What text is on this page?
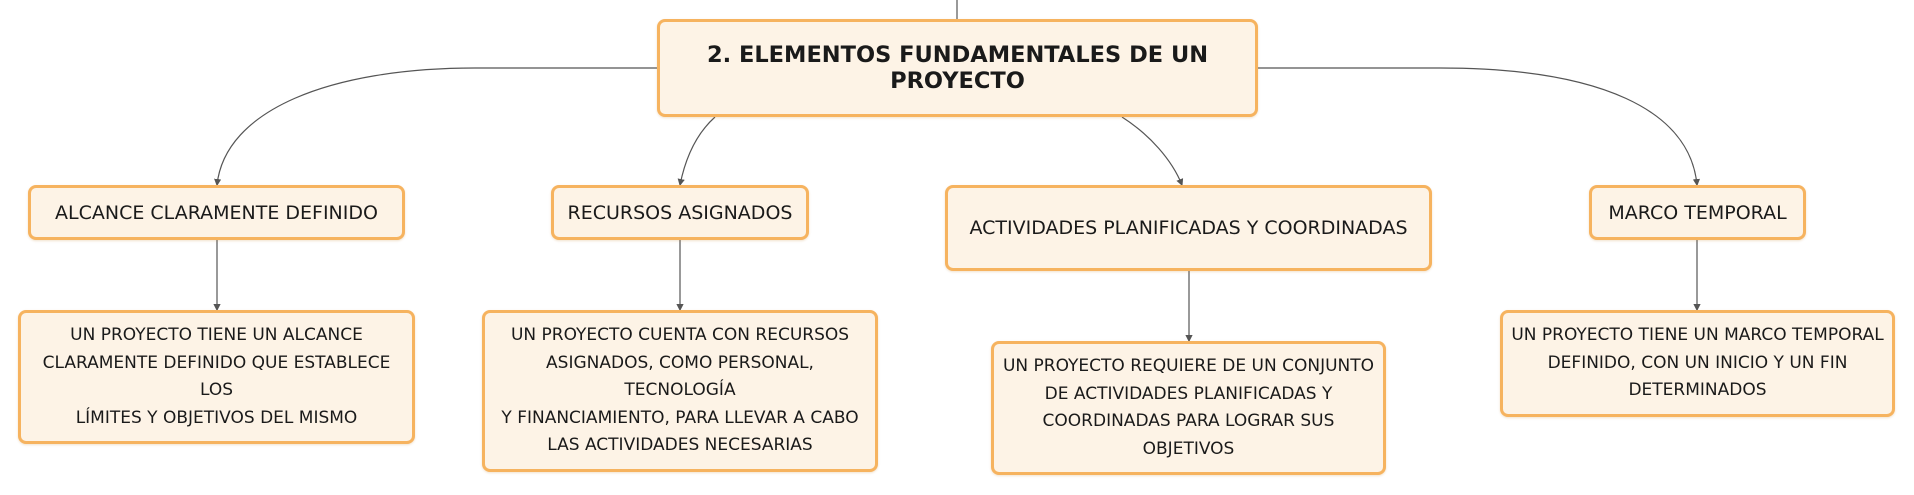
2. ELEMENTOS FUNDAMENTALES DE UN PROYECTO
ALCANCE CLARAMENTE DEFINIDO	RECURSOS ASIGNADOS
ACTIVIDADES PLANIFICADAS Y COORDINADAS
MARCO TEMPORAL
UN PROYECTO TIENE UN ALCANCE
CLARAMENTE DEFINIDO QUE ESTABLECE LOS
LÍMITES Y OBJETIVOS DEL MISMO
UN PROYECTO CUENTA CON RECURSOS
ASIGNADOS, COMO PERSONAL, TECNOLOGÍA
Y FINANCIAMIENTO, PARA LLEVAR A CABO
LAS ACTIVIDADES NECESARIAS
UN PROYECTO REQUIERE DE UN CONJUNTO
DE ACTIVIDADES PLANIFICADAS Y
COORDINADAS PARA LOGRAR SUS
OBJETIVOS
UN PROYECTO TIENE UN MARCO TEMPORAL
DEFINIDO, CON UN INICIO Y UN FIN
DETERMINADOS
